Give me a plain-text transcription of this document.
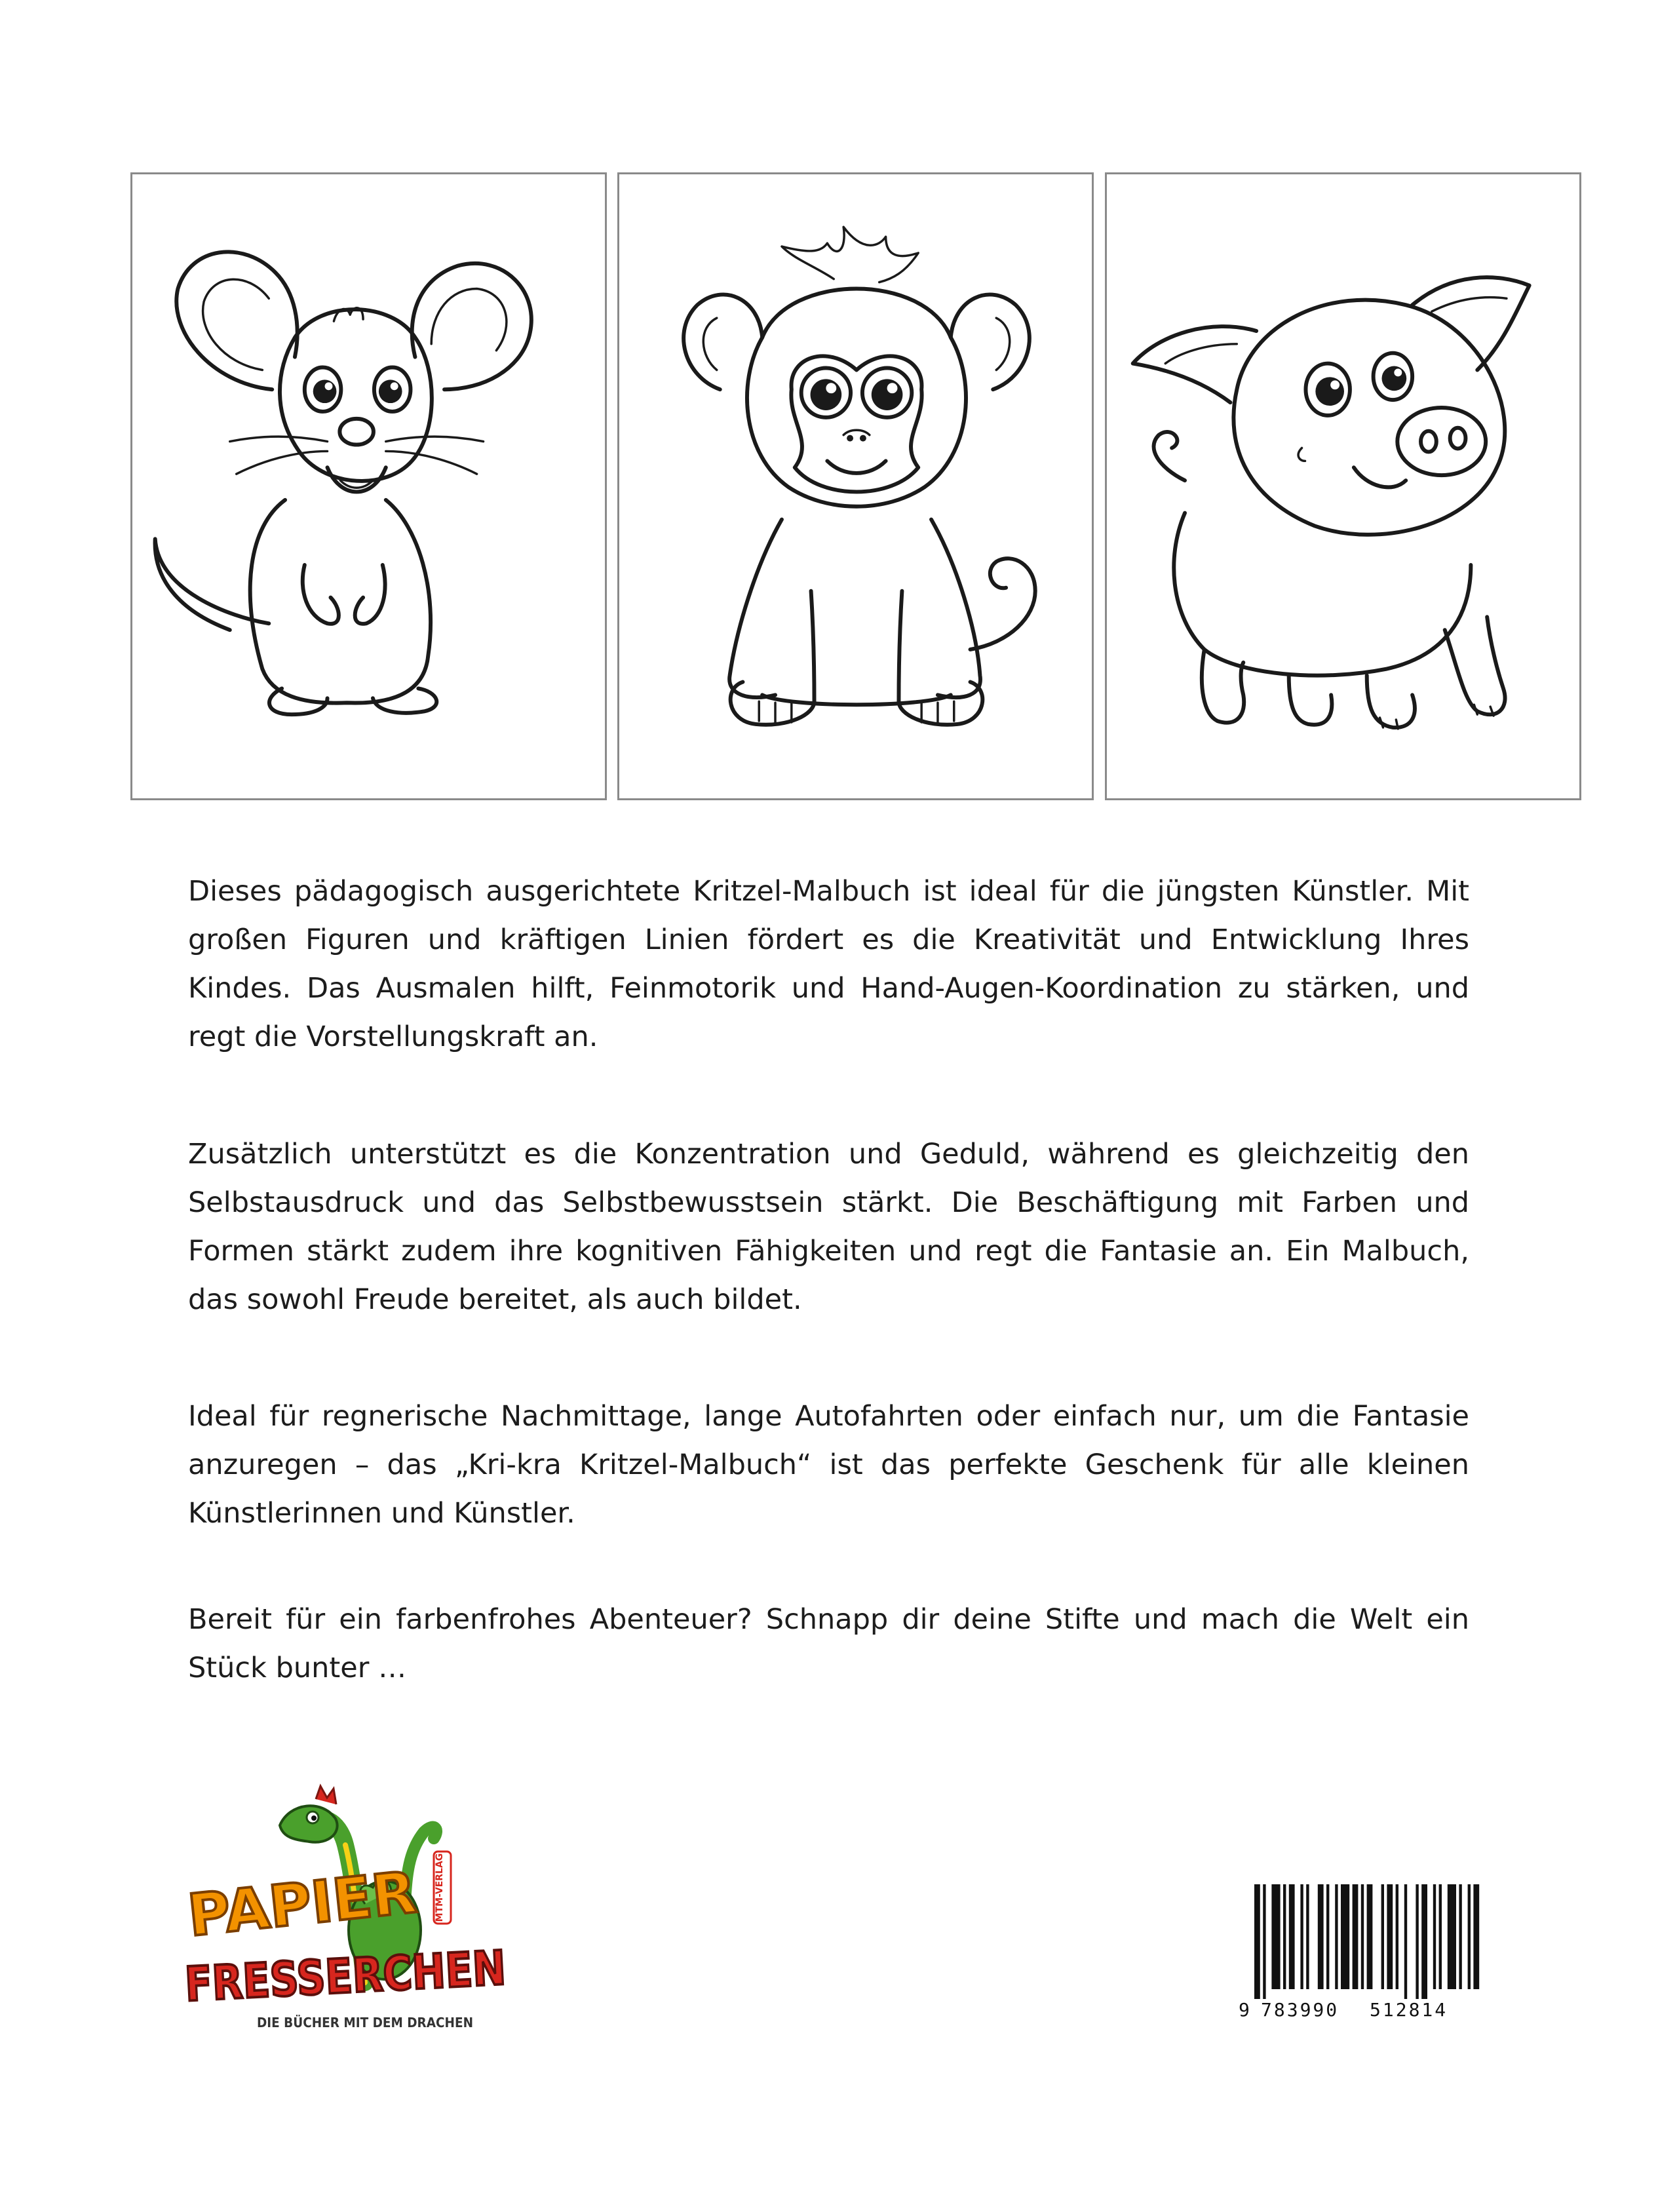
Dieses pädagogisch ausgerichtete Kritzel-Malbuch ist ideal für die jüngsten Künstler. Mit großen Figuren und kräftigen Linien fördert es die Kreativität und Entwicklung Ihres Kindes. Das Ausmalen hilft, Feinmotorik und Hand-Augen-Koordination zu stärken, und regt die Vorstellungskraft an.

Zusätzlich unterstützt es die Konzentration und Geduld, während es gleichzeitig den Selbstausdruck und das Selbstbewusstsein stärkt. Die Beschäftigung mit Farben und Formen stärkt zudem ihre kognitiven Fähigkeiten und regt die Fantasie an. Ein Malbuch, das sowohl Freude bereitet, als auch bildet.

Ideal für regnerische Nachmittage, lange Autofahrten oder einfach nur, um die Fantasie anzuregen – das „Kri-kra Kritzel-Malbuch“ ist das perfekte Geschenk für alle kleinen Künstlerinnen und Künstler.

Bereit für ein farbenfrohes Abenteuer? Schnapp dir deine Stifte und mach die Welt ein Stück bunter …

MTM-VERLAG
PAPIER
FRESSERCHEN
DIE BÜCHER MIT DEM DRACHEN
9 783990 512814
